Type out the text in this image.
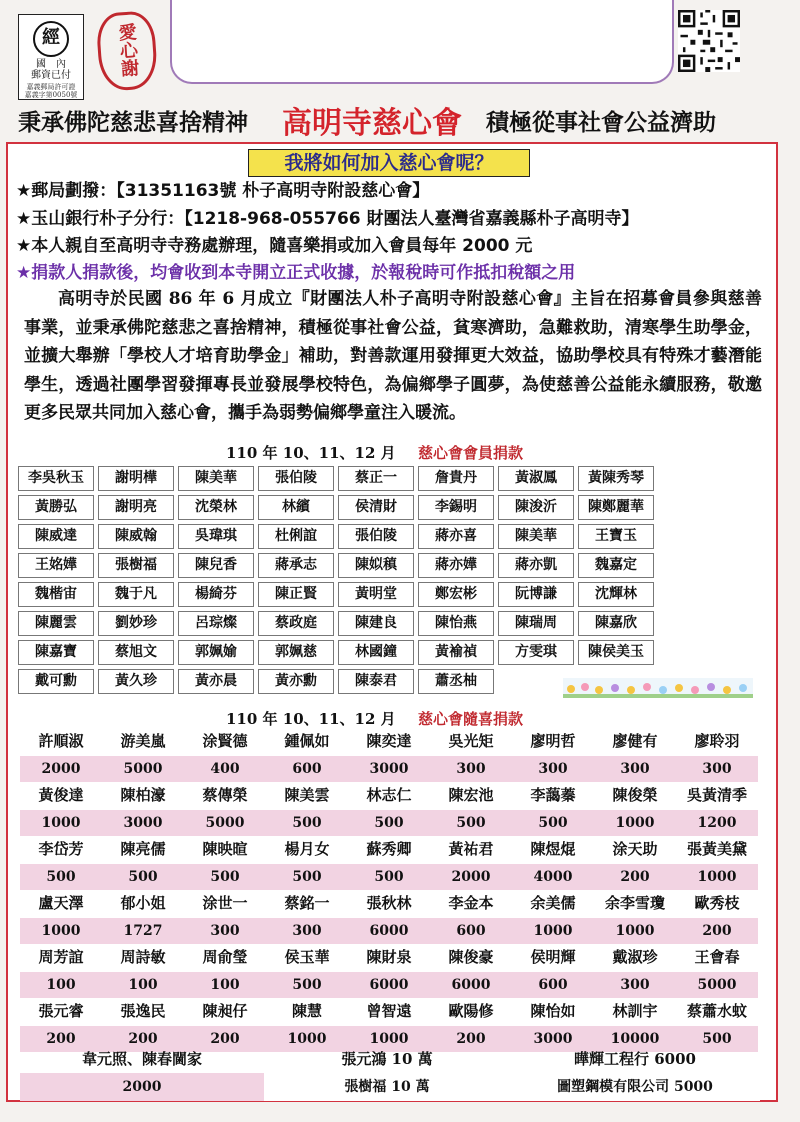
經
國　內
郵資已付
嘉義郵局許可證
嘉義字第0050號
愛心謝
秉承佛陀慈悲喜捨精神 高明寺慈心會 積極從事社會公益濟助
我將如何加入慈心會呢？
★郵局劃撥：【31351163號 朴子高明寺附設慈心會】
★玉山銀行朴子分行：【1218-968-055766 財團法人臺灣省嘉義縣朴子高明寺】
★本人親自至高明寺寺務處辦理，隨喜樂捐或加入會員每年 2000 元
★捐款人捐款後，均會收到本寺開立正式收據，於報稅時可作抵扣稅額之用

高明寺於民國 86 年 6 月成立『財團法人朴子高明寺附設慈心會』主旨在招募會員參與慈善事業，並秉承佛陀慈悲之喜捨精神，積極從事社會公益，貧寒濟助，急難救助，清寒學生助學金，並擴大舉辦「學校人才培育助學金」補助，對善款運用發揮更大效益，協助學校具有特殊才藝潛能學生，透過社團學習發揮專長並發展學校特色，為偏鄉學子圓夢，為使慈善公益能永續服務，敬邀更多民眾共同加入慈心會，攜手為弱勢偏鄉學童注入暖流。

110 年 10、11、12 月 慈心會會員捐款
李吳秋玉	謝明樺	陳美華	張伯陵	蔡正一	詹貴丹	黃淑鳳	黃陳秀琴

黃勝弘	謝明亮	沈榮林	林繽	侯清財	李錫明	陳浚沂	陳鄭麗華

陳威達	陳威翰	吳瑋琪	杜俐誼	張伯陵	蔣亦喜	陳美華	王寶玉

王姳嬅	張樹福	陳兒香	蔣承志	陳姒稹	蔣亦嬅	蔣亦凱	魏嘉定

魏楷宙	魏于凡	楊綺芬	陳正賢	黃明堂	鄭宏彬	阮博謙	沈輝林

陳麗雲	劉妙珍	呂琮燦	蔡政庭	陳建良	陳怡燕	陳瑞周	陳嘉欣

陳嘉寶	蔡旭文	郭姵媮	郭姵慈	林國鐘	黃褕禎	方雯琪	陳侯美玉

戴可勳	黃久珍	黃亦晨	黃亦勳	陳泰君	蕭丞柚		

110 年 10、11、12 月 慈心會隨喜捐款
許順淑	游美嵐	涂賢德	鍾佩如	陳奕達	吳光矩	廖明哲	廖健有	廖聆羽
2000	5000	400	600	3000	300	300	300	300
黃俊達	陳柏濠	蔡傳榮	陳美雲	林志仁	陳宏池	李藹蓁	陳俊榮	吳黃清季
1000	3000	5000	500	500	500	500	1000	1200
李岱芳	陳亮儒	陳映暄	楊月女	蘇秀卿	黃祐君	陳煜焜	涂天助	張黃美黛
500	500	500	500	500	2000	4000	200	1000
盧天澤	郁小姐	涂世一	蔡銘一	張秋林	李金本	余美儒	余李雪瓊	歐秀枝
1000	1727	300	300	6000	600	1000	1000	200
周芳誼	周詩敏	周俞瑩	侯玉華	陳財泉	陳俊豪	侯明輝	戴淑珍	王會春
100	100	100	500	6000	6000	600	300	5000
張元睿	張逸民	陳昶仔	陳慧	曾智遠	歐陽修	陳怡如	林訓宇	蔡蕭水蚊
200	200	200	1000	1000	200	3000	10000	500
韋元照、陳春閫家	張元鴻 10 萬	曄輝工程行 6000
2000	張樹福 10 萬	圖塑鋼模有限公司 5000
